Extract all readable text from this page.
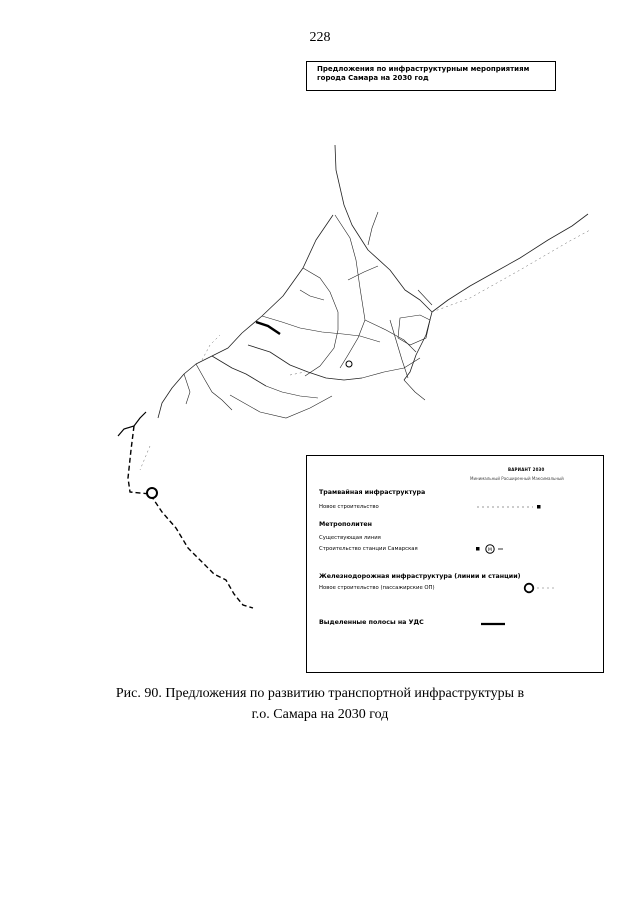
228
Предложения по инфраструктурным мероприятиям
города Самара на 2030 год
ВАРИАНТ 2030
Минимальный Расширенный Максимальный
Трамвайная инфраструктура
Новое строительство
Метрополитен
Существующая линия
Строительство станции Самарская
Железнодорожная инфраструктура (линии и станции)
Новое строительство (пассажирские ОП)
Выделенные полосы на УДС
М
Рис. 90. Предложения по развитию транспортной инфраструктуры в
г.о. Самара на 2030 год
